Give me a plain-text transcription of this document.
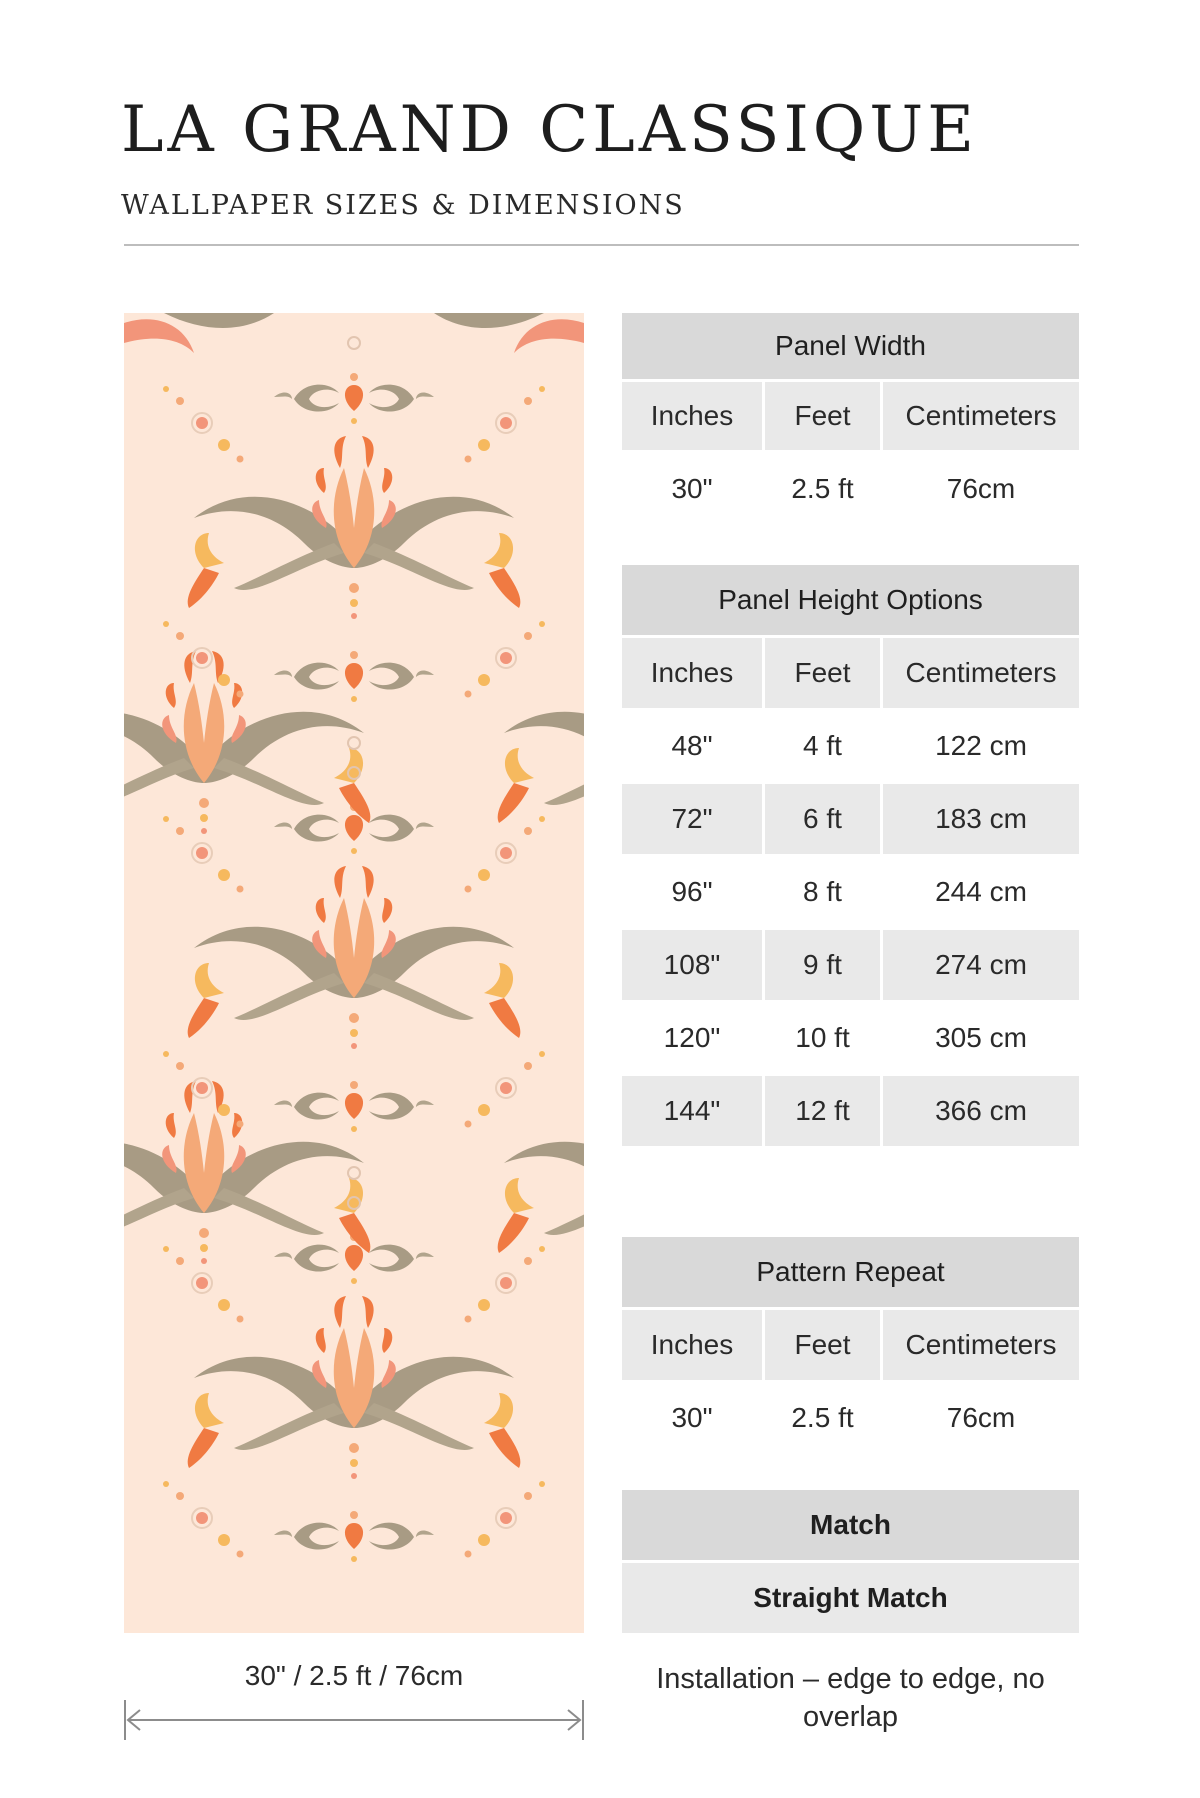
LA GRAND CLASSIQUE
WALLPAPER SIZES & DIMENSIONS
30" / 2.5 ft / 76cm
Panel Width
Inches	Feet	Centimeters
30"	2.5 ft	76cm
Panel Height Options
Inches	Feet	Centimeters
48"	4 ft	122 cm
72"	6 ft	183 cm
96"	8 ft	244 cm
108"	9 ft	274 cm
120"	10 ft	305 cm
144"	12 ft	366 cm
Pattern Repeat
Inches	Feet	Centimeters
30"	2.5 ft	76cm
Match
Straight Match
Installation – edge to edge, no overlap
